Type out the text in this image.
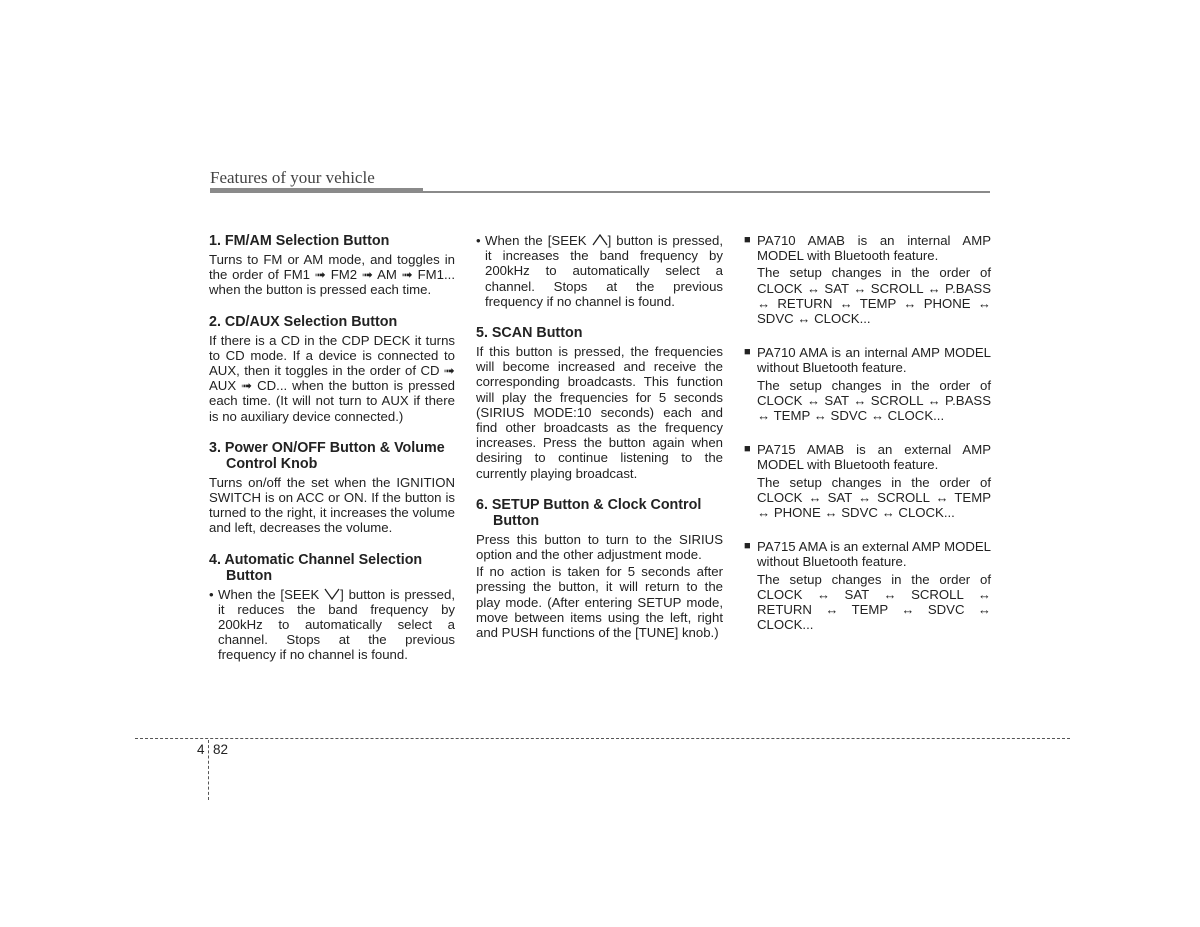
Features of your vehicle
1. FM/AM Selection Button
Turns to FM or AM mode, and toggles in the order of FM1 ➟ FM2 ➟ AM ➟ FM1... when the button is pressed each time.
2. CD/AUX Selection Button
If there is a CD in the CDP DECK it turns to CD mode. If a device is connected to AUX, then it toggles in the order of CD ➟ AUX ➟ CD... when the button is pressed each time. (It will not turn to AUX if there is no auxiliary device connected.)
3. Power ON/OFF Button & Volume Control Knob
Turns on/off the set when the IGNITION SWITCH is on ACC or ON. If the button is turned to the right, it increases the volume and left, decreases the volume.
4. Automatic Channel Selection Button
• When the [SEEK ] button is pressed, it reduces the band frequency by 200kHz to automatically select a channel. Stops at the previous frequency if no channel is found.
• When the [SEEK ] button is pressed, it increases the band frequency by 200kHz to automatically select a channel. Stops at the previous frequency if no channel is found.
5. SCAN Button
If this button is pressed, the frequencies will become increased and receive the corresponding broadcasts. This function will play the frequencies for 5 seconds (SIRIUS MODE:10 seconds) each and find other broadcasts as the frequency increases. Press the button again when desiring to continue listening to the currently playing broadcast.
6. SETUP Button & Clock Control Button
Press this button to turn to the SIRIUS option and the other adjustment mode.
If no action is taken for 5 seconds after pressing the button, it will return to the play mode. (After entering SETUP mode, move between items using the left, right and PUSH functions of the [TUNE] knob.)
■ PA710 AMAB is an internal AMP MODEL with Bluetooth feature.
The setup changes in the order of CLOCK ↔ SAT ↔ SCROLL ↔ P.BASS ↔ RETURN ↔ TEMP ↔ PHONE ↔ SDVC ↔ CLOCK...
■ PA710 AMA is an internal AMP MODEL without Bluetooth feature.
The setup changes in the order of CLOCK ↔ SAT ↔ SCROLL ↔ P.BASS ↔ TEMP ↔ SDVC ↔ CLOCK...
■ PA715 AMAB is an external AMP MODEL with Bluetooth feature.
The setup changes in the order of CLOCK ↔ SAT ↔ SCROLL ↔ TEMP ↔ PHONE ↔ SDVC ↔ CLOCK...
■ PA715 AMA is an external AMP MODEL without Bluetooth feature.
The setup changes in the order of CLOCK ↔ SAT ↔ SCROLL ↔ RETURN ↔ TEMP ↔ SDVC ↔ CLOCK...
4 82
